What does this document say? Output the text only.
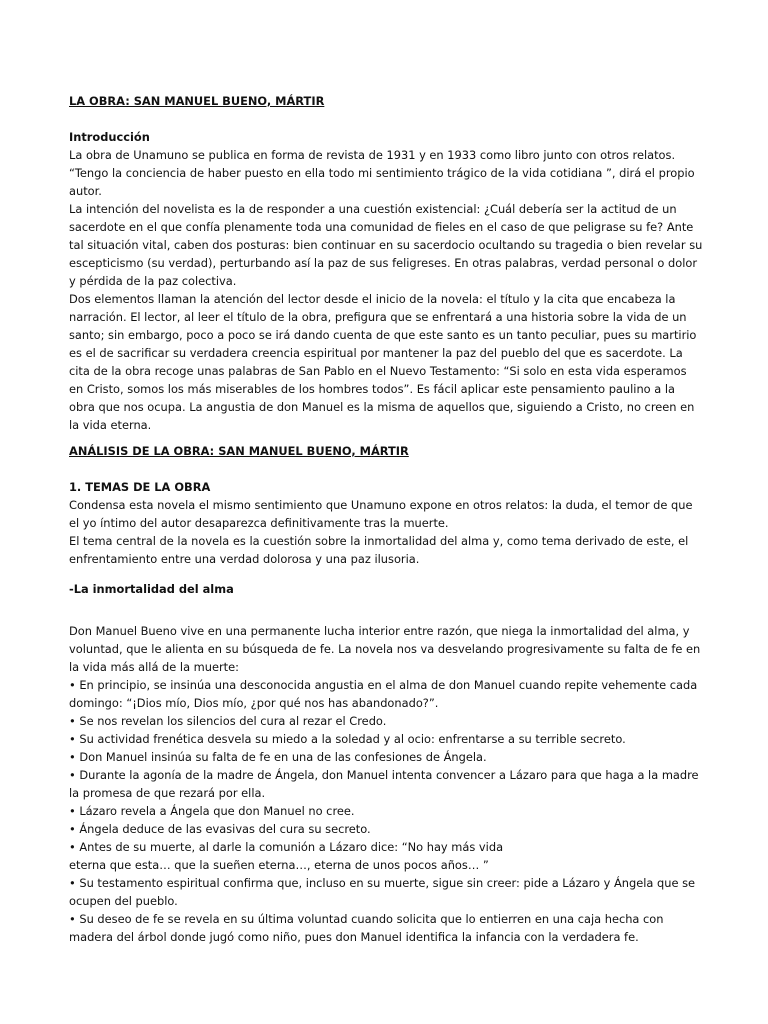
LA OBRA: SAN MANUEL BUENO, MÁRTIR

Introducción

La obra de Unamuno se publica en forma de revista de 1931 y en 1933 como libro junto con otros relatos. “Tengo la conciencia de haber puesto en ella todo mi sentimiento trágico de la vida cotidiana ”, dirá el propio autor.

La intención del novelista es la de responder a una cuestión existencial: ¿Cuál debería ser la actitud de un sacerdote en el que confía plenamente toda una comunidad de fieles en el caso de que peligrase su fe? Ante tal situación vital, caben dos posturas: bien continuar en su sacerdocio ocultando su tragedia o bien revelar su escepticismo (su verdad), perturbando así la paz de sus feligreses. En otras palabras, verdad personal o dolor y pérdida de la paz colectiva.

Dos elementos llaman la atención del lector desde el inicio de la novela: el título y la cita que encabeza la narración. El lector, al leer el título de la obra, prefigura que se enfrentará a una historia sobre la vida de un santo; sin embargo, poco a poco se irá dando cuenta de que este santo es un tanto peculiar, pues su martirio es el de sacrificar su verdadera creencia espiritual por mantener la paz del pueblo del que es sacerdote. La cita de la obra recoge unas palabras de San Pablo en el Nuevo Testamento: “Si solo en esta vida esperamos en Cristo, somos los más miserables de los hombres todos”. Es fácil aplicar este pensamiento paulino a la obra que nos ocupa. La angustia de don Manuel es la misma de aquellos que, siguiendo a Cristo, no creen en la vida eterna.

ANÁLISIS DE LA OBRA: SAN MANUEL BUENO, MÁRTIR

1. TEMAS DE LA OBRA

Condensa esta novela el mismo sentimiento que Unamuno expone en otros relatos: la duda, el temor de que el yo íntimo del autor desaparezca definitivamente tras la muerte.

El tema central de la novela es la cuestión sobre la inmortalidad del alma y, como tema derivado de este, el enfrentamiento entre una verdad dolorosa y una paz ilusoria.

-La inmortalidad del alma

Don Manuel Bueno vive en una permanente lucha interior entre razón, que niega la inmortalidad del alma, y voluntad, que le alienta en su búsqueda de fe. La novela nos va desvelando progresivamente su falta de fe en la vida más allá de la muerte:

• En principio, se insinúa una desconocida angustia en el alma de don Manuel cuando repite vehemente cada domingo: “¡Dios mío, Dios mío, ¿por qué nos has abandonado?”.

• Se nos revelan los silencios del cura al rezar el Credo.

• Su actividad frenética desvela su miedo a la soledad y al ocio: enfrentarse a su terrible secreto.

• Don Manuel insinúa su falta de fe en una de las confesiones de Ángela.

• Durante la agonía de la madre de Ángela, don Manuel intenta convencer a Lázaro para que haga a la madre la promesa de que rezará por ella.

• Lázaro revela a Ángela que don Manuel no cree.

• Ángela deduce de las evasivas del cura su secreto.

• Antes de su muerte, al darle la comunión a Lázaro dice: “No hay más vida

eterna que esta… que la sueñen eterna…, eterna de unos pocos años… ”

• Su testamento espiritual confirma que, incluso en su muerte, sigue sin creer: pide a Lázaro y Ángela que se ocupen del pueblo.

• Su deseo de fe se revela en su última voluntad cuando solicita que lo entierren en una caja hecha con madera del árbol donde jugó como niño, pues don Manuel identifica la infancia con la verdadera fe.
